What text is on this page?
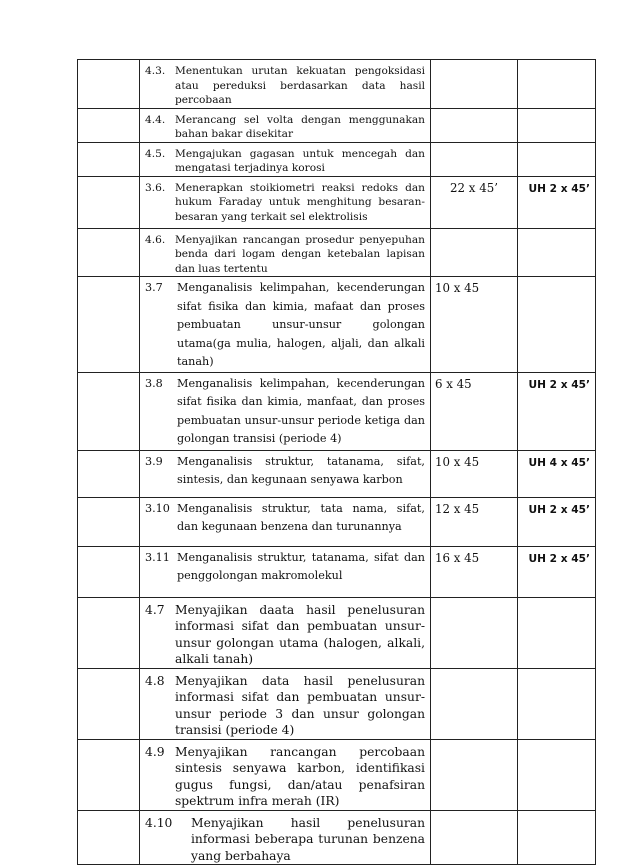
	4.3. Menentukan urutan kekuatan pengoksidasi atau pereduksi berdasarkan data hasil percobaan		

	4.4. Merancang sel volta dengan menggunakan bahan bakar disekitar		

	4.5. Mengajukan gagasan untuk mencegah dan mengatasi terjadinya korosi		

	3.6. Menerapkan stoikiometri reaksi redoks dan hukum Faraday untuk menghitung besaran-besaran yang terkait sel elektrolisis	22 x 45’	UH 2 x 45’

	4.6. Menyajikan rancangan prosedur penyepuhan benda dari logam dengan ketebalan lapisan dan luas tertentu		

	3.7 Menganalisis kelimpahan, kecenderungan sifat fisika dan kimia, mafaat dan proses pembuatan unsur-unsur golongan utama(ga mulia, halogen, aljali, dan alkali tanah)	10 x 45	

	3.8 Menganalisis kelimpahan, kecenderungan sifat fisika dan kimia, manfaat, dan proses pembuatan unsur-unsur periode ketiga dan golongan transisi (periode 4)	6 x 45	UH 2 x 45’

	3.9 Menganalisis struktur, tatanama, sifat, sintesis, dan kegunaan senyawa karbon	10 x 45	UH 4 x 45’

	3.10 Menganalisis struktur, tata nama, sifat, dan kegunaan benzena dan turunannya	12 x 45	UH 2 x 45’

	3.11 Menganalisis struktur, tatanama, sifat dan penggolongan makromolekul	16 x 45	UH 2 x 45’

	4.7 Menyajikan daata hasil penelusuran informasi sifat dan pembuatan unsur-unsur golongan utama (halogen, alkali, alkali tanah)		

	4.8 Menyajikan data hasil penelusuran informasi sifat dan pembuatan unsur-unsur periode 3 dan unsur golongan transisi (periode 4)		

	4.9 Menyajikan rancangan percobaan sintesis senyawa karbon, identifikasi gugus fungsi, dan/atau penafsiran spektrum infra merah (IR)		

	4.10 Menyajikan hasil penelusuran informasi beberapa turunan benzena yang berbahaya		
